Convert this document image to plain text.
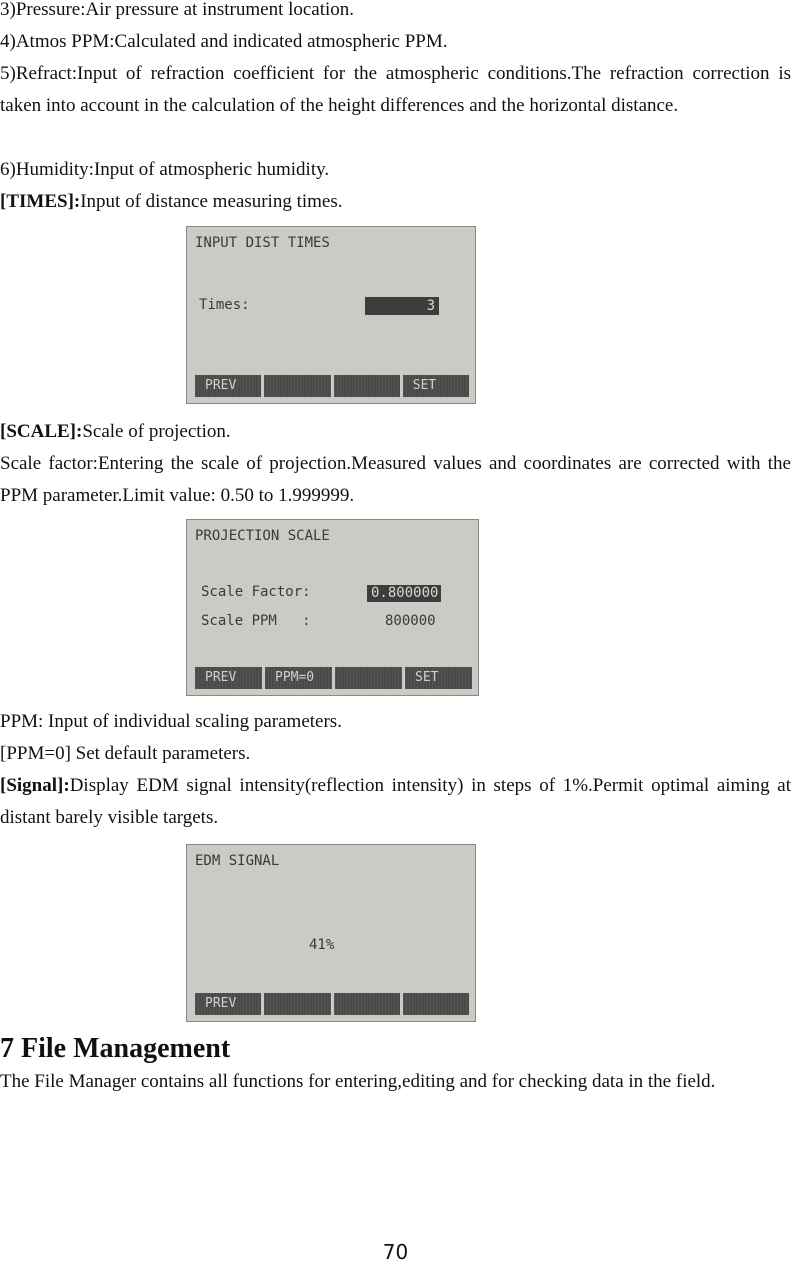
3)Pressure:Air pressure at instrument location.

4)Atmos PPM:Calculated and indicated atmospheric PPM.

5)Refract:Input of refraction coefficient for the atmospheric conditions.The refraction correction is taken into account in the calculation of the height differences and the horizontal distance.

6)Humidity:Input of atmospheric humidity.

[TIMES]:Input of distance measuring times.

INPUT DIST TIMES
Times:	3
PREV	SET

[SCALE]:Scale of projection.

Scale factor:Entering the scale of projection.Measured values and coordinates are corrected with the PPM parameter.Limit value: 0.50 to 1.999999.

PROJECTION SCALE
Scale Factor:	0.800000
Scale PPM   :	800000
PREV	PPM=0	SET

PPM: Input of individual scaling parameters.

[PPM=0] Set default parameters.

[Signal]:Display EDM signal intensity(reflection intensity) in steps of 1%.Permit optimal aiming at distant barely visible targets.

EDM SIGNAL
41%
PREV
7 File Management

The File Manager contains all functions for entering,editing and for checking data in the field.

70
